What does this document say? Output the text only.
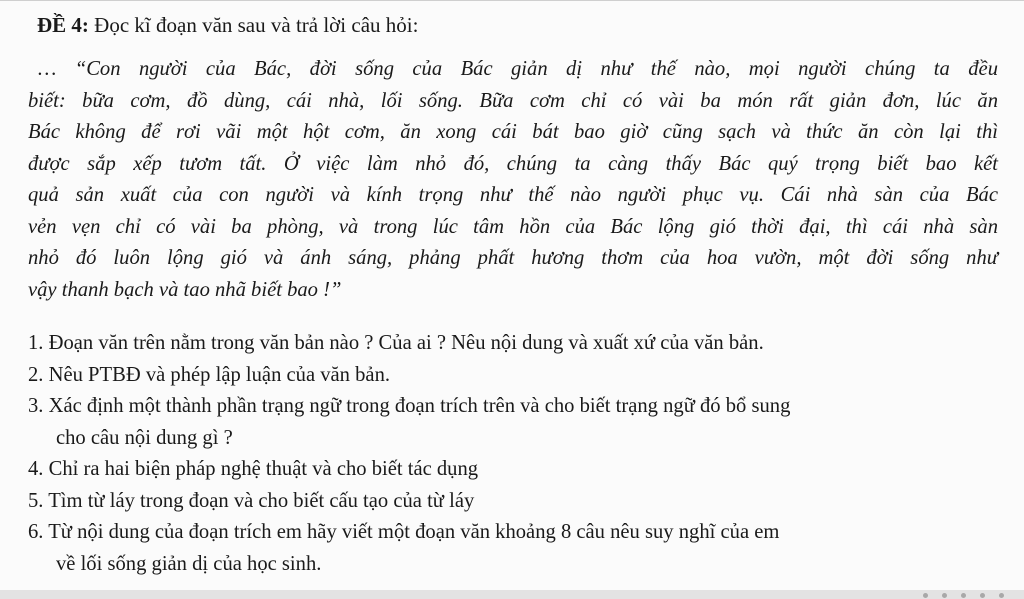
ĐỀ 4: Đọc kĩ đoạn văn sau và trả lời câu hỏi:
… “Con người của Bác, đời sống của Bác giản dị như thế nào, mọi người chúng ta đều
biết: bữa cơm, đồ dùng, cái nhà, lối sống. Bữa cơm chỉ có vài ba món rất giản đơn, lúc ăn
Bác không để rơi vãi một hột cơm, ăn xong cái bát bao giờ cũng sạch và thức ăn còn lại thì
được sắp xếp tươm tất. Ở việc làm nhỏ đó, chúng ta càng thấy Bác quý trọng biết bao kết
quả sản xuất của con người và kính trọng như thế nào người phục vụ. Cái nhà sàn của Bác
vẻn vẹn chỉ có vài ba phòng, và trong lúc tâm hồn của Bác lộng gió thời đại, thì cái nhà sàn
nhỏ đó luôn lộng gió và ánh sáng, phảng phất hương thơm của hoa vườn, một đời sống như
vậy thanh bạch và tao nhã biết bao !”
1. Đoạn văn trên nằm trong văn bản nào ? Của ai ? Nêu nội dung và xuất xứ của văn bản.
2. Nêu PTBĐ và phép lập luận của văn bản.
3. Xác định một thành phần trạng ngữ trong đoạn trích trên và cho biết trạng ngữ đó bổ sung
cho câu nội dung gì ?
4. Chỉ ra hai biện pháp nghệ thuật và cho biết tác dụng
5. Tìm từ láy trong đoạn và cho biết cấu tạo của từ láy
6. Từ nội dung của đoạn trích em hãy viết một đoạn văn khoảng 8 câu nêu suy nghĩ của em
về lối sống giản dị của học sinh.
